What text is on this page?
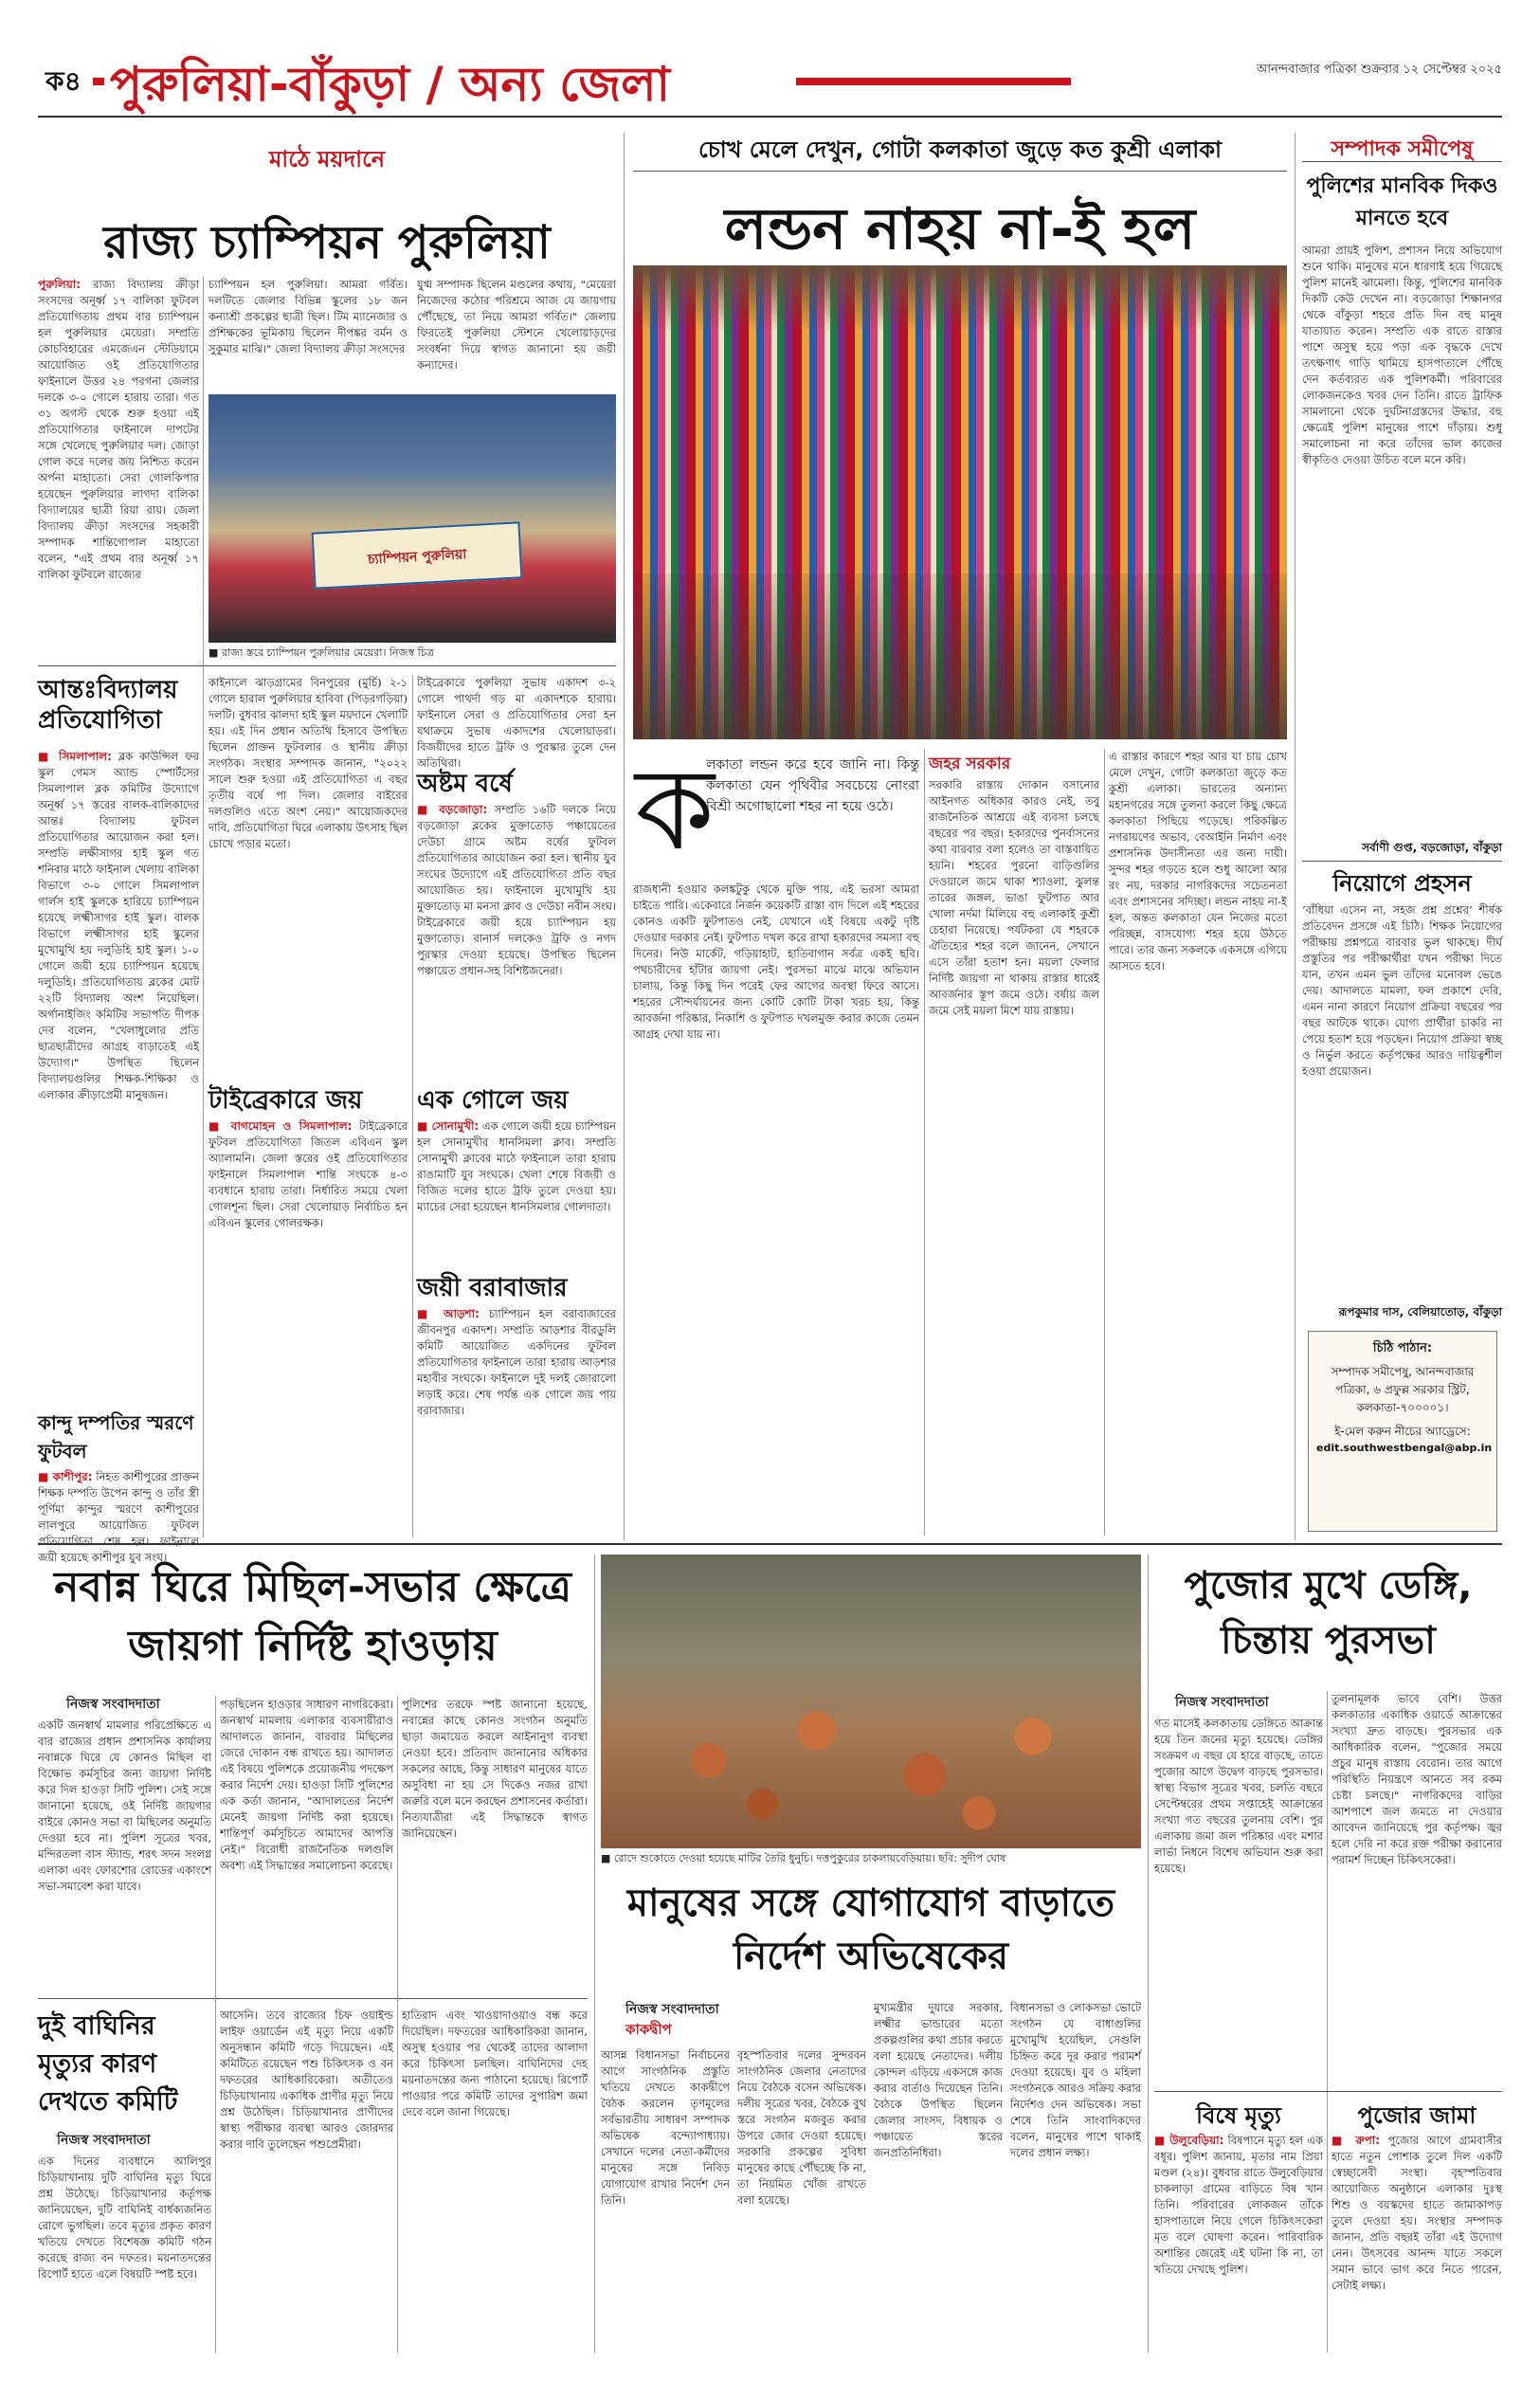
ক৪ পুরুলিয়া-বাঁকুড়া / অন্য জেলা	আনন্দবাজার পত্রিকা শুক্রবার ১২ সেপ্টেম্বর ২০২৫
মাঠে ময়দানে
রাজ্য চ্যাম্পিয়ন পুরুলিয়া
পুরুলিয়া: রাজ্য বিদ্যালয় ক্রীড়া সংসদের অনূর্ধ্ব ১৭ বালিকা ফুটবল প্রতিযোগিতায় প্রথম বার চ্যাম্পিয়ন হল পুরুলিয়ার মেয়েরা। সম্প্রতি কোচবিহারের এমজেএন স্টেডিয়ামে আয়োজিত ওই প্রতিযোগিতার ফাইনালে উত্তর ২৪ পরগনা জেলার দলকে ৩-০ গোলে হারায় তারা। গত ৩১ অগস্ট থেকে শুরু হওয়া এই প্রতিযোগিতার ফাইনালে দাপটের সঙ্গে খেলেছে পুরুলিয়ার দল। জোড়া গোল করে দলের জয় নিশ্চিত করেন অর্পনা মাহাতো। সেরা গোলকিপার হয়েছেন পুরুলিয়ার লাগদা বালিকা বিদ্যালয়ের ছাত্রী রিয়া রায়। জেলা বিদ্যালয় ক্রীড়া সংসদের সহকারী সম্পাদক শান্তিগোপাল মাহাতো বলেন, "এই প্রথম বার অনূর্ধ্ব ১৭ বালিকা ফুটবলে রাজ্যের
চ্যাম্পিয়ন হল পুরুলিয়া। আমরা গর্বিত। দলটিতে জেলার বিভিন্ন স্কুলের ১৮ জন কন্যাশ্রী প্রকল্পের ছাত্রী ছিল। টিম ম্যানেজার ও প্রশিক্ষকের ভূমিকায় ছিলেন দীপঙ্কর বর্মন ও সুকুমার মাঝি।" জেলা বিদ্যালয় ক্রীড়া সংসদের
যুগ্ম সম্পাদক ছিলেন মণ্ডলের কথায়, "মেয়েরা নিজেদের কঠোর পরিশ্রমে আজ যে জায়গায় পৌঁছেছে, তা নিয়ে আমরা গর্বিত।" জেলায় ফিরতেই পুরুলিয়া স্টেশনে খেলোয়াড়দের সংবর্ধনা দিয়ে স্বাগত জানানো হয় জয়ী কন্যাদের।
চ্যাম্পিয়ন পুরুলিয়া
■ রাজ্য স্তরে চ্যাম্পিয়ন পুরুলিয়ার মেয়েরা। নিজস্ব চিত্র
আন্তঃবিদ্যালয় প্রতিযোগিতা
■ সিমলাপাল: ব্লক কাউন্সিল ফর স্কুল গেমস অ্যান্ড স্পোর্টসের সিমলাপাল ব্লক কমিটির উদ্যোগে অনূর্ধ্ব ১৭ স্তরের বালক-বালিকাদের আন্তঃ বিদ্যালয় ফুটবল প্রতিযোগিতার আয়োজন করা হল। সম্প্রতি লক্ষীসাগর হাই স্কুল গত শনিবার মাঠে ফাইনাল খেলায় বালিকা বিভাগে ৩-০ গোলে সিমলাপাল গার্লস হাই স্কুলকে হারিয়ে চ্যাম্পিয়ন হয়েছে লক্ষ্মীসাগর হাই স্কুল। বালক বিভাগে লক্ষ্মীসাগর হাই স্কুলের মুখোমুখি হয় দলুডিহি হাই স্কুল। ১-০ গোলে জয়ী হয়ে চ্যাম্পিয়ন হয়েছে দলুডিহি। প্রতিযোগিতায় ব্লকের মোট ২২টি বিদ্যালয় অংশ নিয়েছিল। অর্গানাইজিং কমিটির সভাপতি দীপক দেব বলেন, "খেলাধুলোর প্রতি ছাত্রছাত্রীদের আগ্রহ বাড়াতেই এই উদ্যোগ।" উপস্থিত ছিলেন বিদ্যালয়গুলির শিক্ষক-শিক্ষিকা ও এলাকার ক্রীড়াপ্রেমী মানুষজন।
কাইনালে ঝাড়গ্রামের বিনপুরের (মুর্চি) ২-১ গোলে হারাল পুরুলিয়ার হাবিবা (পিড়রগড়িয়া) দলটি। বুধবার ঝালদা হাই স্কুল ময়দানে খেলাটি হয়। এই দিন প্রধান অতিথি হিসাবে উপস্থিত ছিলেন প্রাক্তন ফুটবলার ও স্থানীয় ক্রীড়া সংগঠক। সংস্থার সম্পাদক জানান, "২০২২ সালে শুরু হওয়া এই প্রতিযোগিতা এ বছর তৃতীয় বর্ষে পা দিল। জেলার বাইরের দলগুলিও এতে অংশ নেয়।" আয়োজকদের দাবি, প্রতিযোগিতা ঘিরে এলাকায় উৎসাহ ছিল চোখে পড়ার মতো।
টাইব্রেকারে পুরুলিয়া সুভাষ একাদশ ৩-২ গোলে পাথর্দা গড় মা একাদশকে হারায়। ফাইনালে সেরা ও প্রতিযোগিতার সেরা হন যথাক্রমে সুভাষ একাদশের খেলোয়াড়রা। বিজয়ীদের হাতে ট্রফি ও পুরস্কার তুলে দেন অতিথিরা।
অষ্টম বর্ষে
■ বড়জোড়া: সম্প্রতি ১৬টি দলকে নিয়ে বড়জোড়া ব্লকের মুক্তাতোড় পঞ্চায়েতের দেউচা গ্রামে অষ্টম বর্ষের ফুটবল প্রতিযোগিতার আয়োজন করা হল। স্থানীয় যুব সংঘের উদ্যোগে এই প্রতিযোগিতা প্রতি বছর আয়োজিত হয়। ফাইনালে মুখোমুখি হয় মুক্তাতোড় মা মনসা ক্লাব ও দেউচা নবীন সংঘ। টাইব্রেকারে জয়ী হয়ে চ্যাম্পিয়ন হয় মুক্তাতোড়। রানার্স দলকেও ট্রফি ও নগদ পুরস্কার দেওয়া হয়েছে। উপস্থিত ছিলেন পঞ্চায়েত প্রধান-সহ বিশিষ্টজনেরা।
টাইব্রেকারে জয়
■ বাগমোহন ও সিমলাপাল: টাইব্রেকারে ফুটবল প্রতিযোগিতা জিতল এবিএন স্কুল অ্যালামনি। জেলা স্তরের ওই প্রতিযোগিতার ফাইনালে সিমলাপাল শান্তি সংঘকে ৪-৩ ব্যবধানে হারায় তারা। নির্ধারিত সময়ে খেলা গোলশূন্য ছিল। সেরা খেলোয়াড় নির্বাচিত হন এবিএন স্কুলের গোলরক্ষক।
এক গোলে জয়
■ সোনামুখী: এক গোলে জয়ী হয়ে চ্যাম্পিয়ন হল সোনামুখীর ধানসিমলা ক্লাব। সম্প্রতি সোনামুখী ক্লাবের মাঠে ফাইনালে তারা হারায় রাঙামাটি যুব সংঘকে। খেলা শেষে বিজয়ী ও বিজিত দলের হাতে ট্রফি তুলে দেওয়া হয়। ম্যাচের সেরা হয়েছেন ধানসিমলার গোলদাতা।
জয়ী বরাবাজার
■ আড়শা: চ্যাম্পিয়ন হল বরাবাজারের জীবনপুর একাদশ। সম্প্রতি আড়শার বীরডুলি কমিটি আয়োজিত একদিনের ফুটবল প্রতিযোগিতার ফাইনালে তারা হারায় আড়শার মহাবীর সংঘকে। ফাইনালে দুই দলই জোরালো লড়াই করে। শেষ পর্যন্ত এক গোলে জয় পায় বরাবাজার।
কান্দু দম্পতির স্মরণে ফুটবল
■ কাশীপুর: নিহত কাশীপুরের প্রাক্তন শিক্ষক দম্পতি উপেন কান্দু ও তাঁর স্ত্রী পূর্ণিমা কান্দুর স্মরণে কাশীপুরের লালপুরে আয়োজিত ফুটবল প্রতিযোগিতা শেষ হল। ফাইনালে জয়ী হয়েছে কাশীপুর যুব সংঘ।
চোখ মেলে দেখুন, গোটা কলকাতা জুড়ে কত কুশ্রী এলাকা
লন্ডন নাহয় না-ই হল
ক
লকাতা লন্ডন করে হবে জানি না। কিন্তু কলকাতা যেন পৃথিবীর সবচেয়ে নোংরা বিশ্রী অগোছালো শহর না হয়ে ওঠে।
রাজধানী হওয়ার কলঙ্কটুকু থেকে মুক্তি পায়, এই ভরসা আমরা চাইতে পারি। একেবারে নির্জন কয়েকটি রাস্তা বাদ দিলে এই শহরের কোনও একটি ফুটপাতও নেই, যেখানে এই বিষয়ে একটু দৃষ্টি দেওয়ার দরকার নেই। ফুটপাত দখল করে রাখা হকারদের সমস্যা বহু দিনের। নিউ মার্কেট, গড়িয়াহাট, হাতিবাগান সর্বত্র একই ছবি। পথচারীদের হাঁটার জায়গা নেই। পুরসভা মাঝে মাঝে অভিযান চালায়, কিন্তু কিছু দিন পরেই ফের আগের অবস্থা ফিরে আসে। শহরের সৌন্দর্যায়নের জন্য কোটি কোটি টাকা খরচ হয়, কিন্তু আবর্জনা পরিষ্কার, নিকাশি ও ফুটপাত দখলমুক্ত করার কাজে তেমন আগ্রহ দেখা যায় না।
জহর সরকার
সরকারি রাস্তায় দোকান বসানোর আইনগত অধিকার কারও নেই, তবু রাজনৈতিক আশ্রয়ে এই ব্যবসা চলছে বছরের পর বছর। হকারদের পুনর্বাসনের কথা বারবার বলা হলেও তা বাস্তবায়িত হয়নি। শহরের পুরনো বাড়িগুলির দেওয়ালে জমে থাকা শ্যাওলা, ঝুলন্ত তারের জঙ্গল, ভাঙা ফুটপাত আর খোলা নর্দমা মিলিয়ে বহু এলাকাই কুশ্রী চেহারা নিয়েছে। পর্যটকরা যে শহরকে ঐতিহ্যের শহর বলে জানেন, সেখানে এসে তাঁরা হতাশ হন। ময়লা ফেলার নির্দিষ্ট জায়গা না থাকায় রাস্তার ধারেই আবর্জনার স্তূপ জমে ওঠে। বর্ষায় জল জমে সেই ময়লা মিশে যায় রাস্তায়।
এ রাস্তার কারণে শহর আর যা চায় চোখ মেলে দেখুন, গোটা কলকাতা জুড়ে কত কুশ্রী এলাকা। ভারতের অন্যান্য মহানগরের সঙ্গে তুলনা করলে কিছু ক্ষেত্রে কলকাতা পিছিয়ে পড়েছে। পরিকল্পিত নগরায়ণের অভাব, বেআইনি নির্মাণ এবং প্রশাসনিক উদাসীনতা এর জন্য দায়ী। সুন্দর শহর গড়তে হলে শুধু আলো আর রং নয়, দরকার নাগরিকদের সচেতনতা এবং প্রশাসনের সদিচ্ছা। লন্ডন নাহয় না-ই হল, অন্তত কলকাতা যেন নিজের মতো পরিচ্ছন্ন, বাসযোগ্য শহর হয়ে উঠতে পারে। তার জন্য সকলকে একসঙ্গে এগিয়ে আসতে হবে।
সম্পাদক সমীপেষু
পুলিশের মানবিক দিকও মানতে হবে
আমরা প্রায়ই পুলিশ, প্রশাসন নিয়ে অভিযোগ শুনে থাকি। মানুষের মনে ধারণাই হয়ে গিয়েছে পুলিশ মানেই ঝামেলা। কিন্তু, পুলিশের মানবিক দিকটি কেউ দেখেন না। বড়জোড়া শিক্ষানগর থেকে বাঁকুড়া শহরে প্রতি দিন বহু মানুষ যাতায়াত করেন। সম্প্রতি এক রাতে রাস্তার পাশে অসুস্থ হয়ে পড়া এক বৃদ্ধকে দেখে তৎক্ষণাৎ গাড়ি থামিয়ে হাসপাতালে পৌঁছে দেন কর্তব্যরত এক পুলিশকর্মী। পরিবারের লোকজনকেও খবর দেন তিনি। রাতে ট্রাফিক সামলানো থেকে দুর্ঘটনাগ্রস্তদের উদ্ধার, বহু ক্ষেত্রেই পুলিশ মানুষের পাশে দাঁড়ায়। শুধু সমালোচনা না করে তাঁদের ভাল কাজের স্বীকৃতিও দেওয়া উচিত বলে মনে করি।
সর্বাণী গুপ্ত, বড়জোড়া, বাঁকুড়া
নিয়োগে প্রহসন
‘বাঁধিয়া এসেন না, সহজ প্রশ্ন প্রশ্নের’ শীর্ষক প্রতিবেদন প্রসঙ্গে এই চিঠি। শিক্ষক নিয়োগের পরীক্ষায় প্রশ্নপত্রে বারবার ভুল থাকছে। দীর্ঘ প্রস্তুতির পর পরীক্ষার্থীরা যখন পরীক্ষা দিতে যান, তখন এমন ভুল তাঁদের মনোবল ভেঙে দেয়। আদালতে মামলা, ফল প্রকাশে দেরি, এমন নানা কারণে নিয়োগ প্রক্রিয়া বছরের পর বছর আটকে থাকে। যোগ্য প্রার্থীরা চাকরি না পেয়ে হতাশ হয়ে পড়ছেন। নিয়োগ প্রক্রিয়া স্বচ্ছ ও নির্ভুল করতে কর্তৃপক্ষের আরও দায়িত্বশীল হওয়া প্রয়োজন।
রূপকুমার দাস, বেলিয়াতোড়, বাঁকুড়া
চিঠি পাঠান:
সম্পাদক সমীপেষু, আনন্দবাজার পত্রিকা, ৬ প্রফুল্ল সরকার স্ট্রিট, কলকাতা-৭০০০০১।
ই-মেল করুন নীচের অ্যাড্রেসে:
edit.southwestbengal@abp.in
নবান্ন ঘিরে মিছিল-সভার ক্ষেত্রে জায়গা নির্দিষ্ট হাওড়ায়
নিজস্ব সংবাদদাতা
একটি জনস্বার্থ মামলার পরিপ্রেক্ষিতে এ বার রাজ্যের প্রধান প্রশাসনিক কার্যালয় নবান্নকে ঘিরে যে কোনও মিছিল বা বিক্ষোভ কর্মসূচির জন্য জায়গা নির্দিষ্ট করে দিল হাওড়া সিটি পুলিশ। সেই সঙ্গে জানানো হয়েছে, ওই নির্দিষ্ট জায়গার বাইরে কোনও সভা বা মিছিলের অনুমতি দেওয়া হবে না। পুলিশ সূত্রের খবর, মন্দিরতলা বাস স্ট্যান্ড, শরৎ সদন সংলগ্ন এলাকা এবং ফোরশোর রোডের একাংশে সভা-সমাবেশ করা যাবে।
পড়ছিলেন হাওড়ার সাধারণ নাগরিকেরা। জনস্বার্থ মামলায় এলাকার ব্যবসায়ীরাও আদালতে জানান, বারবার মিছিলের জেরে দোকান বন্ধ রাখতে হয়। আদালত এই বিষয়ে পুলিশকে প্রয়োজনীয় পদক্ষেপ করার নির্দেশ দেয়। হাওড়া সিটি পুলিশের এক কর্তা জানান, "আদালতের নির্দেশ মেনেই জায়গা নির্দিষ্ট করা হয়েছে। শান্তিপূর্ণ কর্মসূচিতে আমাদের আপত্তি নেই।" বিরোধী রাজনৈতিক দলগুলি অবশ্য এই সিদ্ধান্তের সমালোচনা করেছে।
পুলিশের তরফে স্পষ্ট জানানো হয়েছে, নবান্নের কাছে কোনও সংগঠন অনুমতি ছাড়া জমায়েত করলে আইনানুগ ব্যবস্থা নেওয়া হবে। প্রতিবাদ জানানোর অধিকার সকলের আছে, কিন্তু সাধারণ মানুষের যাতে অসুবিধা না হয় সে দিকেও নজর রাখা জরুরি বলে মনে করছেন প্রশাসনের কর্তারা। নিত্যযাত্রীরা এই সিদ্ধান্তকে স্বাগত জানিয়েছেন।
দুই বাঘিনির মৃত্যুর কারণ দেখতে কমিটি
নিজস্ব সংবাদদাতা
এক দিনের ব্যবধানে আলিপুর চিড়িয়াখানায় দুটি বাঘিনির মৃত্যু ঘিরে প্রশ্ন উঠেছে। চিড়িয়াখানার কর্তৃপক্ষ জানিয়েছেন, দুটি বাঘিনিই বার্ধক্যজনিত রোগে ভুগছিল। তবে মৃত্যুর প্রকৃত কারণ খতিয়ে দেখতে বিশেষজ্ঞ কমিটি গঠন করেছে রাজ্য বন দফতর। ময়নাতদন্তের রিপোর্ট হাতে এলে বিষয়টি স্পষ্ট হবে।
আসেনি। তবে রাজ্যের চিফ ওয়াইল্ড লাইফ ওয়ার্ডেন এই মৃত্যু নিয়ে একটি অনুসন্ধান কমিটি গড়ে দিয়েছেন। এই কমিটিতে রয়েছেন পশু চিকিৎসক ও বন দফতরের আধিকারিকেরা। অতীতেও চিড়িয়াখানায় একাধিক প্রাণীর মৃত্যু নিয়ে প্রশ্ন উঠেছিল। চিড়িয়াখানার প্রাণীদের স্বাস্থ্য পরীক্ষার ব্যবস্থা আরও জোরদার করার দাবি তুলেছেন পশুপ্রেমীরা।
হাতিরাদ এবং খাওয়াদাওয়াও বন্ধ করে দিয়েছিল। দফতরের আধিকারিকরা জানান, অসুস্থ হওয়ার পর থেকেই তাদের আলাদা করে চিকিৎসা চলছিল। বাঘিনিদের দেহ ময়নাতদন্তের জন্য পাঠানো হয়েছে। রিপোর্ট পাওয়ার পরে কমিটি তাদের সুপারিশ জমা দেবে বলে জানা গিয়েছে।
■ রোদে শুকোতে দেওয়া হয়েছে মাটির তৈরি ধুনুচি। দত্তপুকুরের চাকলায়বেড়িয়ায়। ছবি: সুদীপ ঘোষ
মানুষের সঙ্গে যোগাযোগ বাড়াতে নির্দেশ অভিষেকের
নিজস্ব সংবাদদাতা
কাকদ্বীপ
আসন্ন বিধানসভা নির্বাচনের আগে সাংগঠনিক প্রস্তুতি খতিয়ে দেখতে কাকদ্বীপে বৈঠক করলেন তৃণমূলের সর্বভারতীয় সাধারণ সম্পাদক অভিষেক বন্দ্যোপাধ্যায়। সেখানে দলের নেতা-কর্মীদের মানুষের সঙ্গে নিবিড় যোগাযোগ রাখার নির্দেশ দেন তিনি।
বৃহস্পতিবার দলের সুন্দরবন সাংগঠনিক জেলার নেতাদের নিয়ে বৈঠকে বসেন অভিষেক। দলীয় সূত্রের খবর, বৈঠকে বুথ স্তরে সংগঠন মজবুত করার উপরে জোর দেওয়া হয়েছে। সরকারি প্রকল্পের সুবিধা মানুষের কাছে পৌঁছচ্ছে কি না, তা নিয়মিত খোঁজ রাখতে বলা হয়েছে।
মুখ্যমন্ত্রীর দুয়ারে সরকার, লক্ষ্মীর ভান্ডারের মতো প্রকল্পগুলির কথা প্রচার করতে বলা হয়েছে নেতাদের। দলীয় কোন্দল এড়িয়ে একসঙ্গে কাজ করার বার্তাও দিয়েছেন তিনি। বৈঠকে উপস্থিত ছিলেন জেলার সাংসদ, বিধায়ক ও পঞ্চায়েত স্তরের জনপ্রতিনিধিরা।
বিধানসভা ও লোকসভা ভোটে সংগঠন যে বাধাগুলির মুখোমুখি হয়েছিল, সেগুলি চিহ্নিত করে দূর করার পরামর্শ দেওয়া হয়েছে। যুব ও মহিলা সংগঠনকে আরও সক্রিয় করার নির্দেশও দেন অভিষেক। সভা শেষে তিনি সাংবাদিকদের বলেন, মানুষের পাশে থাকাই দলের প্রধান লক্ষ্য।
পুজোর মুখে ডেঙ্গি, চিন্তায় পুরসভা
নিজস্ব সংবাদদাতা
গত মাসেই কলকাতায় ডেঙ্গিতে আক্রান্ত হয়ে তিন জনের মৃত্যু হয়েছে। ডেঙ্গির সংক্রমণ এ বছর যে হারে বাড়ছে, তাতে পুজোর আগে উদ্বেগ বাড়ছে পুরসভার। স্বাস্থ্য বিভাগ সূত্রের খবর, চলতি বছরে সেপ্টেম্বরের প্রথম সপ্তাহেই আক্রান্তের সংখ্যা গত বছরের তুলনায় বেশি। পুর এলাকায় জমা জল পরিষ্কার এবং মশার লার্ভা নিধনে বিশেষ অভিযান শুরু করা হয়েছে।
তুলনামূলক ভাবে বেশি। উত্তর কলকাতার একাধিক ওয়ার্ডে আক্রান্তের সংখ্যা দ্রুত বাড়ছে। পুরসভার এক আধিকারিক বলেন, "পুজোর সময়ে প্রচুর মানুষ রাস্তায় বেরোন। তার আগে পরিস্থিতি নিয়ন্ত্রণে আনতে সব রকম চেষ্টা চলছে।" নাগরিকদের বাড়ির আশপাশে জল জমতে না দেওয়ার আবেদন জানিয়েছে পুর কর্তৃপক্ষ। জ্বর হলে দেরি না করে রক্ত পরীক্ষা করানোর পরামর্শ দিচ্ছেন চিকিৎসকেরা।
বিষে মৃত্যু
■ উলুবেড়িয়া: বিষপানে মৃত্যু হল এক বধূর। পুলিশ জানায়, মৃতার নাম প্রিয়া মণ্ডল (২৪)। বুধবার রাতে উলুবেড়িয়ার চাকলাড়া গ্রামের বাড়িতে বিষ খান তিনি। পরিবারের লোকজন তাঁকে হাসপাতালে নিয়ে গেলে চিকিৎসকেরা মৃত বলে ঘোষণা করেন। পারিবারিক অশান্তির জেরেই এই ঘটনা কি না, তা খতিয়ে দেখছে পুলিশ।
পুজোর জামা
■ রুপা: পুজোর আগে গ্রামবাসীর হাতে নতুন পোশাক তুলে দিল একটি স্বেচ্ছাসেবী সংস্থা। বৃহস্পতিবার আয়োজিত অনুষ্ঠানে এলাকার দুঃস্থ শিশু ও বয়স্কদের হাতে জামাকাপড় তুলে দেওয়া হয়। সংস্থার সম্পাদক জানান, প্রতি বছরই তাঁরা এই উদ্যোগ নেন। উৎসবের আনন্দ যাতে সকলে সমান ভাবে ভাগ করে নিতে পারেন, সেটাই লক্ষ্য।
